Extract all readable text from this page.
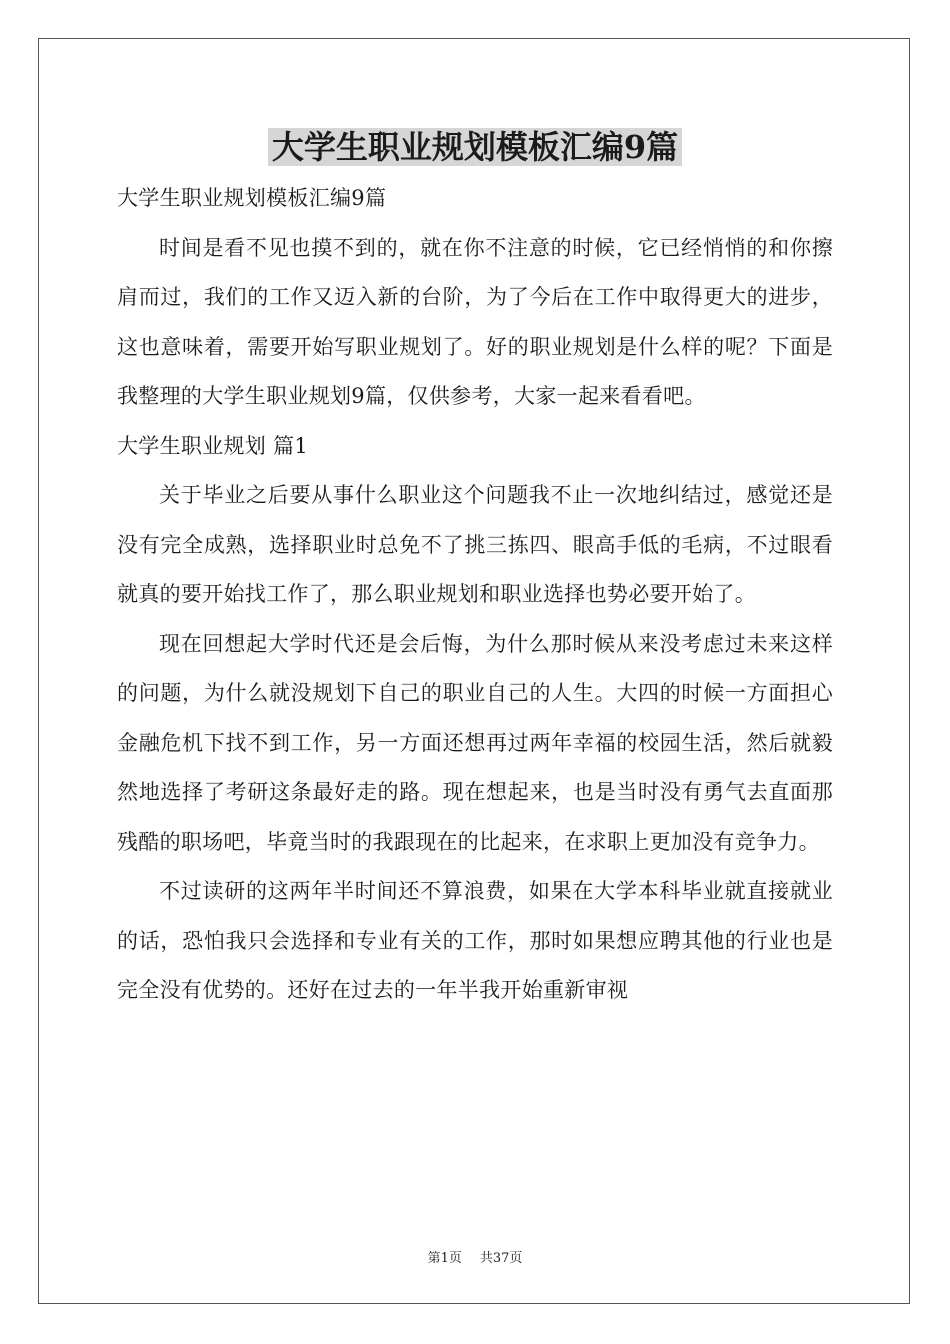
大学生职业规划模板汇编9篇

大学生职业规划模板汇编9篇

时间是看不见也摸不到的，就在你不注意的时候，它已经悄悄的和你擦肩而过，我们的工作又迈入新的台阶，为了今后在工作中取得更大的进步，这也意味着，需要开始写职业规划了。好的职业规划是什么样的呢？下面是我整理的大学生职业规划9篇，仅供参考，大家一起来看看吧。

大学生职业规划 篇1

关于毕业之后要从事什么职业这个问题我不止一次地纠结过，感觉还是没有完全成熟，选择职业时总免不了挑三拣四、眼高手低的毛病，不过眼看就真的要开始找工作了，那么职业规划和职业选择也势必要开始了。

现在回想起大学时代还是会后悔，为什么那时候从来没考虑过未来这样的问题，为什么就没规划下自己的职业自己的人生。大四的时候一方面担心金融危机下找不到工作，另一方面还想再过两年幸福的校园生活，然后就毅然地选择了考研这条最好走的路。现在想起来，也是当时没有勇气去直面那残酷的职场吧，毕竟当时的我跟现在的比起来，在求职上更加没有竞争力。

不过读研的这两年半时间还不算浪费，如果在大学本科毕业就直接就业的话，恐怕我只会选择和专业有关的工作，那时如果想应聘其他的行业也是完全没有优势的。还好在过去的一年半我开始重新审视

第1页 共37页
